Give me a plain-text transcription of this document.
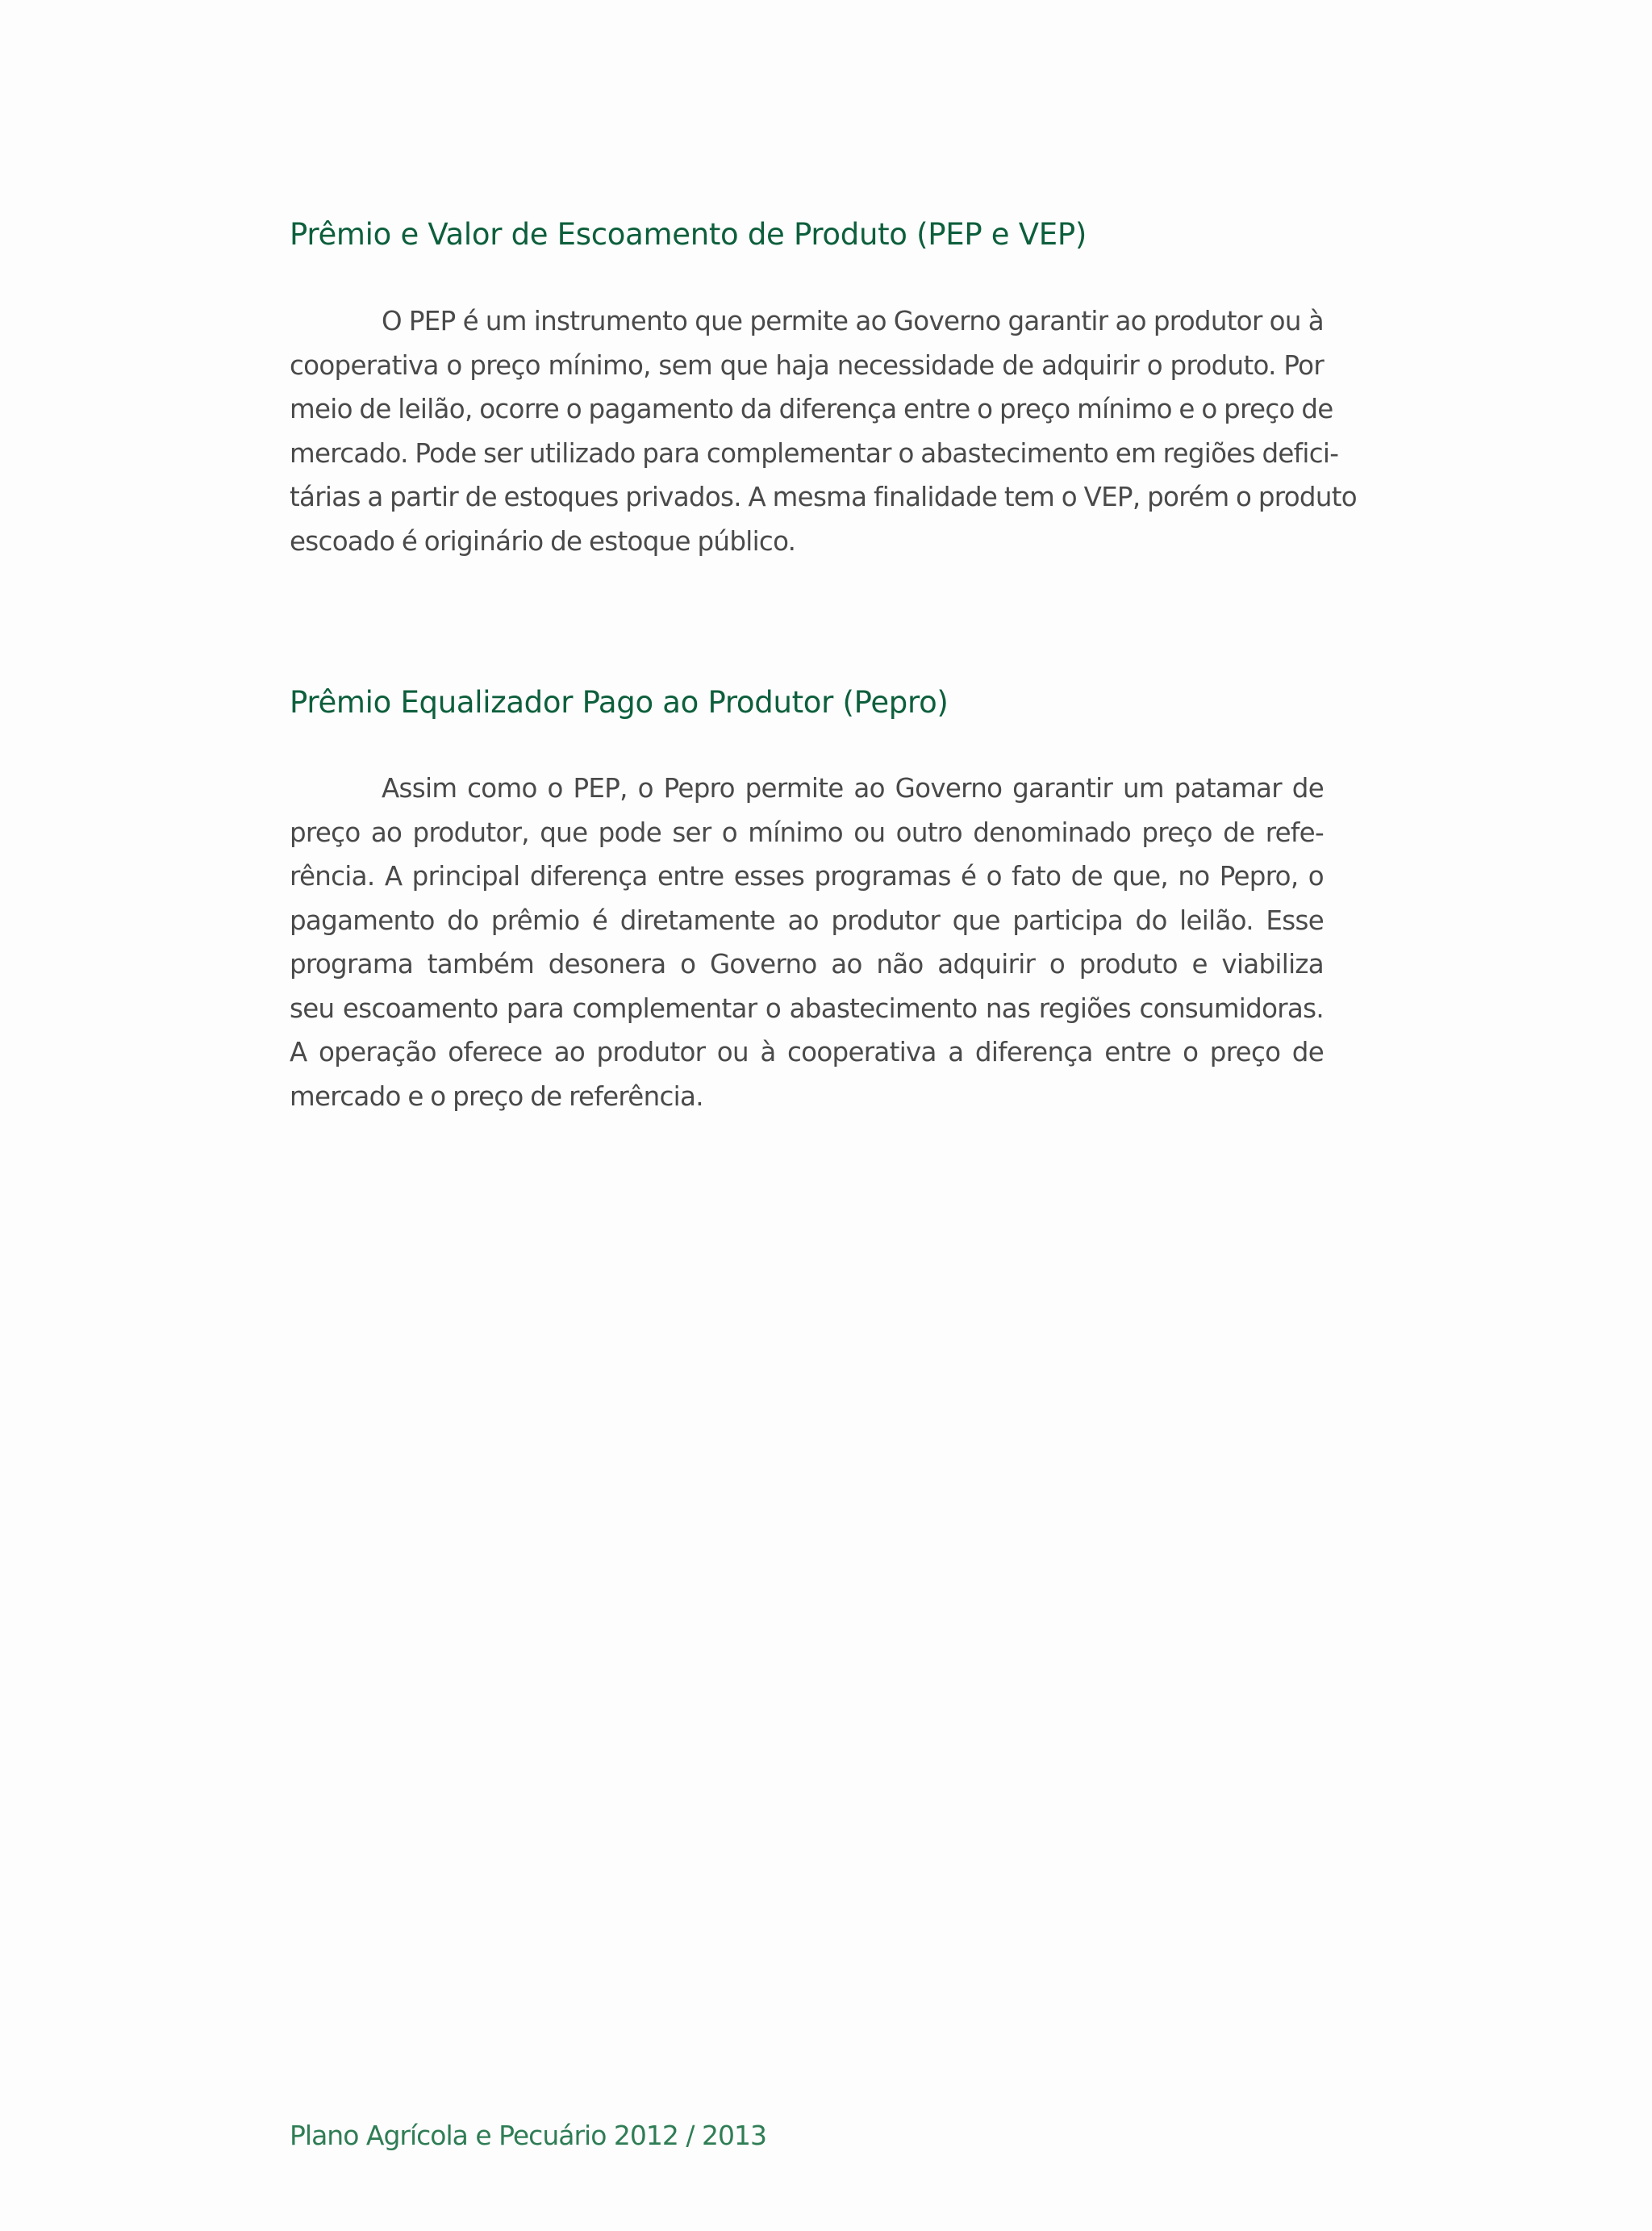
Prêmio e Valor de Escoamento de Produto (PEP e VEP)

O PEP é um instrumento que permite ao Governo garantir ao produtor ou à
cooperativa o preço mínimo, sem que haja necessidade de adquirir o produto. Por
meio de leilão, ocorre o pagamento da diferença entre o preço mínimo e o preço de
mercado. Pode ser utilizado para complementar o abastecimento em regiões defici-
tárias a partir de estoques privados. A mesma finalidade tem o VEP, porém o produto
escoado é originário de estoque público.

Prêmio Equalizador Pago ao Produtor (Pepro)

Assim como o PEP, o Pepro permite ao Governo garantir um patamar de
preço ao produtor, que pode ser o mínimo ou outro denominado preço de refe-
rência. A principal diferença entre esses programas é o fato de que, no Pepro, o
pagamento do prêmio é diretamente ao produtor que participa do leilão. Esse
programa também desonera o Governo ao não adquirir o produto e viabiliza
seu escoamento para complementar o abastecimento nas regiões consumidoras.
A operação oferece ao produtor ou à cooperativa a diferença entre o preço de
mercado e o preço de referência.

Plano Agrícola e Pecuário 2012 / 2013
